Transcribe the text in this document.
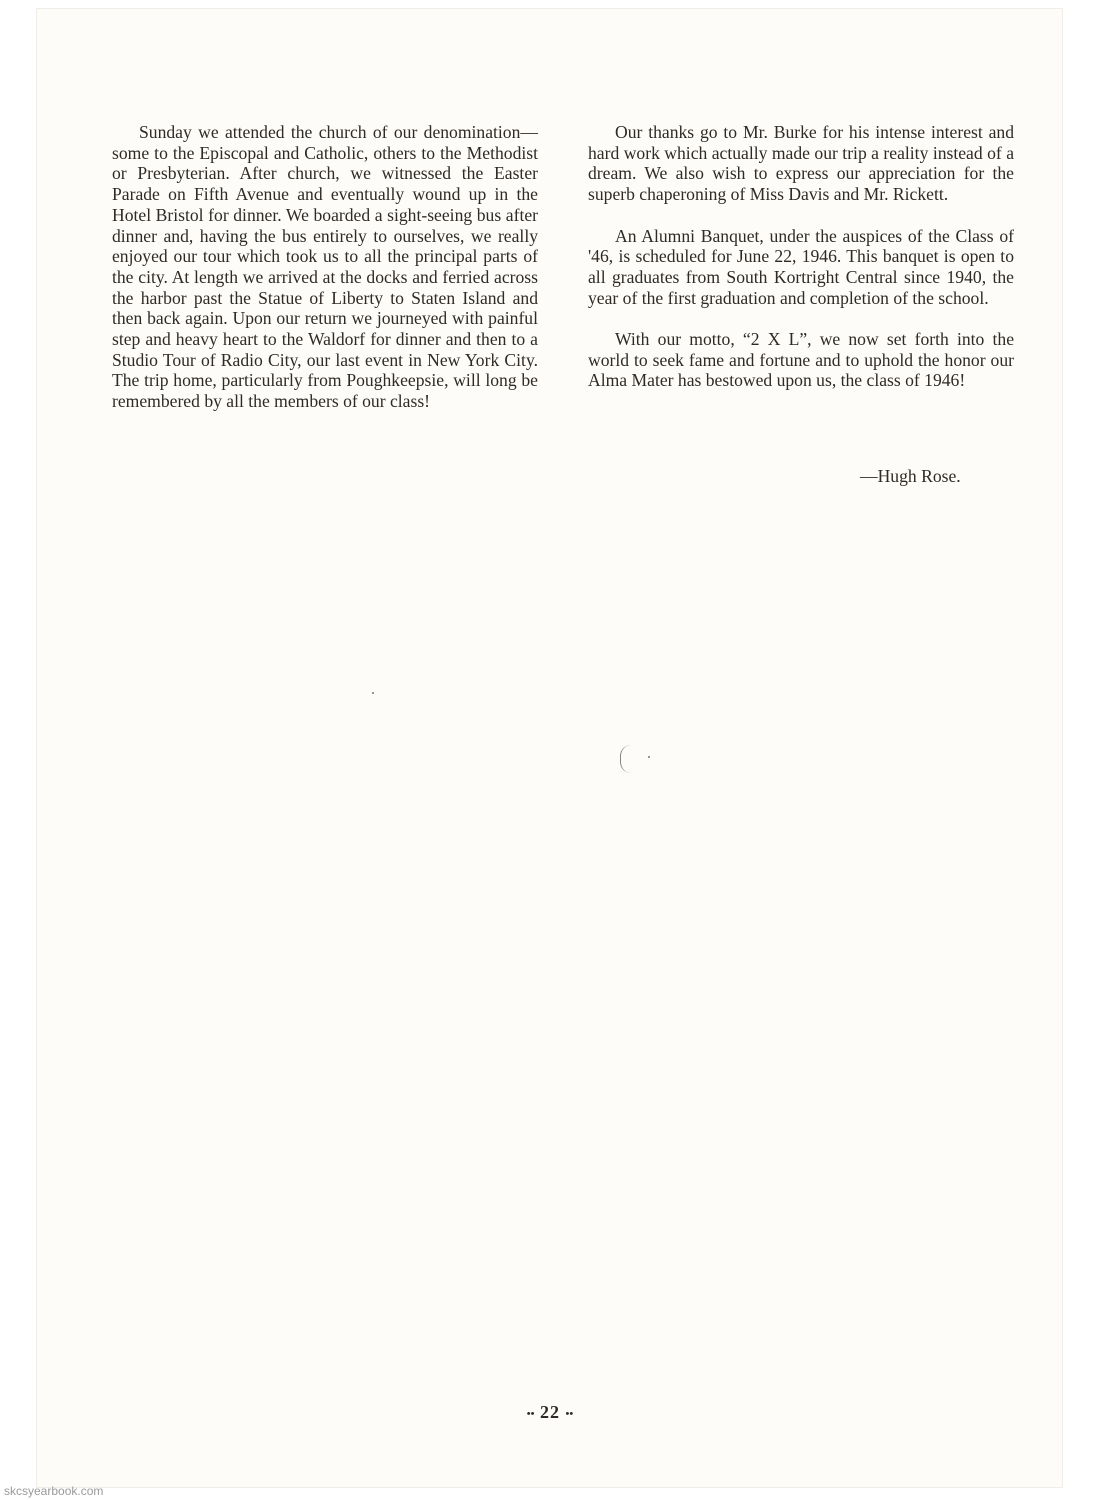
Sunday we attended the church of our denomination—some to the Episcopal and Catholic, others to the Methodist or Presbyterian. After church, we witnessed the Easter Parade on Fifth Avenue and eventually wound up in the Hotel Bristol for dinner. We boarded a sight-seeing bus after dinner and, having the bus entirely to ourselves, we really enjoyed our tour which took us to all the principal parts of the city. At length we arrived at the docks and ferried across the harbor past the Statue of Liberty to Staten Island and then back again. Upon our return we journeyed with painful step and heavy heart to the Waldorf for dinner and then to a Studio Tour of Radio City, our last event in New York City. The trip home, particularly from Poughkeepsie, will long be remembered by all the members of our class!

Our thanks go to Mr. Burke for his intense interest and hard work which actually made our trip a reality instead of a dream. We also wish to express our appreciation for the superb chaperoning of Miss Davis and Mr. Rickett.

An Alumni Banquet, under the auspices of the Class of '46, is scheduled for June 22, 1946. This banquet is open to all graduates from South Kortright Central since 1940, the year of the first graduation and completion of the school.

With our motto, “2 X L”, we now set forth into the world to seek fame and fortune and to uphold the honor our Alma Mater has bestowed upon us, the class of 1946!

—Hugh Rose.
•• 22 ••
skcsyearbook.com
